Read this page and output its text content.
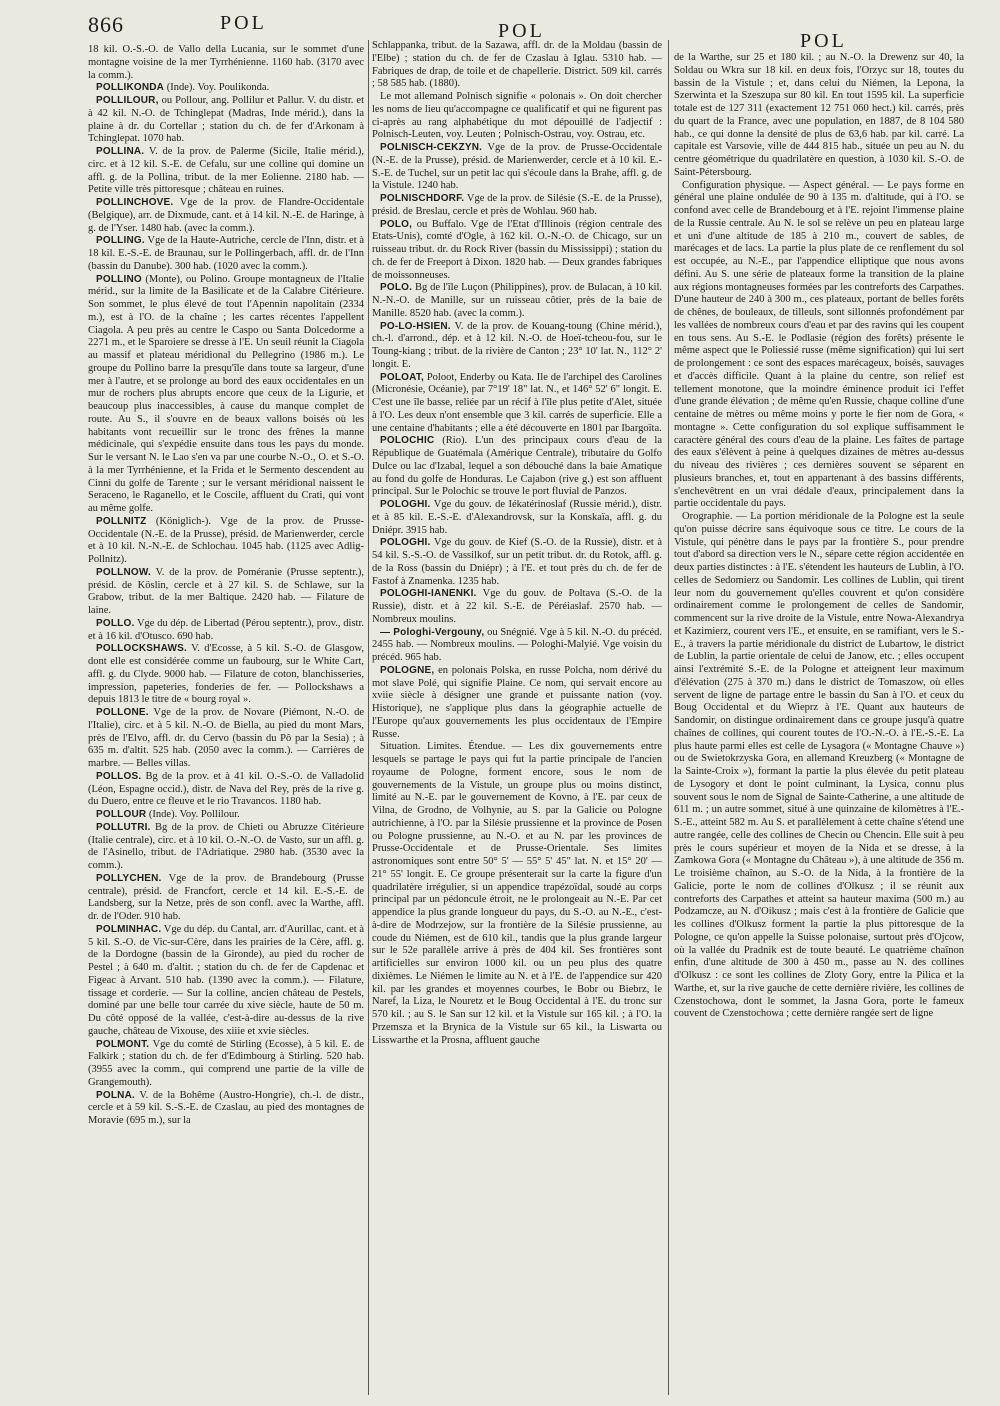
866	POL	POL	POL

18 kil. O.-S.-O. de Vallo della Lucania, sur le sommet d'une montagne voisine de la mer Tyrrhénienne. 1160 hab. (3170 avec la comm.).

POLLIKONDA (Inde). Voy. Poulikonda.

POLLILOUR, ou Pollour, ang. Pollilur et Pallur. V. du distr. et à 42 kil. N.-O. de Tchinglepat (Madras, Inde mérid.), dans la plaine à dr. du Cortellar ; station du ch. de fer d'Arkonam à Tchinglepat. 1070 hab.

POLLINA. V. de la prov. de Palerme (Sicile, Italie mérid.), circ. et à 12 kil. S.-E. de Cefalu, sur une colline qui domine un affl. g. de la Pollina, tribut. de la mer Eolienne. 2180 hab. — Petite ville très pittoresque ; château en ruines.

POLLINCHOVE. Vge de la prov. de Flandre-Occidentale (Belgique), arr. de Dixmude, cant. et à 14 kil. N.-E. de Haringe, à g. de l'Yser. 1480 hab. (avec la comm.).

POLLING. Vge de la Haute-Autriche, cercle de l'Inn, distr. et à 18 kil. E.-S.-E. de Braunau, sur le Pollingerbach, affl. dr. de l'Inn (bassin du Danube). 300 hab. (1020 avec la comm.).

POLLINO (Monte), ou Polino. Groupe montagneux de l'Italie mérid., sur la limite de la Basilicate et de la Calabre Citérieure. Son sommet, le plus élevé de tout l'Apennin napolitain (2334 m.), est à l'O. de la chaîne ; les cartes récentes l'appellent Ciagola. A peu près au centre le Caspo ou Santa Dolcedorme a 2271 m., et le Sparoiere se dresse à l'E. Un seuil réunit la Ciagola au massif et plateau méridional du Pellegrino (1986 m.). Le groupe du Pollino barre la presqu'île dans toute sa largeur, d'une mer à l'autre, et se prolonge au bord des eaux occidentales en un mur de rochers plus abrupts encore que ceux de la Ligurie, et beaucoup plus inaccessibles, à cause du manque complet de route. Au S., il s'ouvre en de beaux vallons boisés où les habitants vont recueillir sur le tronc des frênes la manne médicinale, qui s'expédie ensuite dans tous les pays du monde. Sur le versant N. le Lao s'en va par une courbe N.-O., O. et S.-O. à la mer Tyrrhénienne, et la Frida et le Sermento descendent au Cinni du golfe de Tarente ; sur le versant méridional naissent le Seraceno, le Raganello, et le Coscile, affluent du Crati, qui vont au même golfe.

POLLNITZ (Königlich-). Vge de la prov. de Prusse-Occidentale (N.-E. de la Prusse), présid. de Marienwerder, cercle et à 10 kil. N.-N.-E. de Schlochau. 1045 hab. (1125 avec Adlig-Pollnitz).

POLLNOW. V. de la prov. de Poméranie (Prusse septentr.), présid. de Köslin, cercle et à 27 kil. S. de Schlawe, sur la Grabow, tribut. de la mer Baltique. 2420 hab. — Filature de laine.

POLLO. Vge du dép. de Libertad (Pérou septentr.), prov., distr. et à 16 kil. d'Otusco. 690 hab.

POLLOCKSHAWS. V. d'Ecosse, à 5 kil. S.-O. de Glasgow, dont elle est considérée comme un faubourg, sur le White Cart, affl. g. du Clyde. 9000 hab. — Filature de coton, blanchisseries, impression, papeteries, fonderies de fer. — Pollockshaws a depuis 1813 le titre de « bourg royal ».

POLLONE. Vge de la prov. de Novare (Piémont, N.-O. de l'Italie), circ. et à 5 kil. N.-O. de Biella, au pied du mont Mars, près de l'Elvo, affl. dr. du Cervo (bassin du Pô par la Sesia) ; à 635 m. d'altit. 525 hab. (2050 avec la comm.). — Carrières de marbre. — Belles villas.

POLLOS. Bg de la prov. et à 41 kil. O.-S.-O. de Valladolid (Léon, Espagne occid.), distr. de Nava del Rey, près de la rive g. du Duero, entre ce fleuve et le rio Travancos. 1180 hab.

POLLOUR (Inde). Voy. Pollilour.

POLLUTRI. Bg de la prov. de Chieti ou Abruzze Citérieure (Italie centrale), circ. et à 10 kil. O.-N.-O. de Vasto, sur un affl. g. de l'Asinello, tribut. de l'Adriatique. 2980 hab. (3530 avec la comm.).

POLLYCHEN. Vge de la prov. de Brandebourg (Prusse centrale), présid. de Francfort, cercle et 14 kil. E.-S.-E. de Landsberg, sur la Netze, près de son confl. avec la Warthe, affl. dr. de l'Oder. 910 hab.

POLMINHAC. Vge du dép. du Cantal, arr. d'Aurillac, cant. et à 5 kil. S.-O. de Vic-sur-Cère, dans les prairies de la Cère, affl. g. de la Dordogne (bassin de la Gironde), au pied du rocher de Pestel ; à 640 m. d'altit. ; station du ch. de fer de Capdenac et Figeac à Arvant. 510 hab. (1390 avec la comm.). — Filature, tissage et corderie. — Sur la colline, ancien château de Pestels, dominé par une belle tour carrée du xive siècle, haute de 50 m. Du côté opposé de la vallée, c'est-à-dire au-dessus de la rive gauche, château de Vixouse, des xiiie et xvie siècles.

POLMONT. Vge du comté de Stirling (Ecosse), à 5 kil. E. de Falkirk ; station du ch. de fer d'Edimbourg à Stirling. 520 hab. (3955 avec la comm., qui comprend une partie de la ville de Grangemouth).

POLNA. V. de la Bohême (Austro-Hongrie), ch.-l. de distr., cercle et à 59 kil. S.-S.-E. de Czaslau, au pied des montagnes de Moravie (695 m.), sur la

Schlappanka, tribut. de la Sazawa, affl. dr. de la Moldau (bassin de l'Elbe) ; station du ch. de fer de Czaslau à Iglau. 5310 hab. — Fabriques de drap, de toile et de chapellerie. District. 509 kil. carrés ; 58 585 hab. (1880).

Le mot allemand Polnisch signifie « polonais ». On doit chercher les noms de lieu qu'accompagne ce qualificatif et qui ne figurent pas ci-après au rang alphabétique du mot dépouillé de l'adjectif : Polnisch-Leuten, voy. Leuten ; Polnisch-Ostrau, voy. Ostrau, etc.

POLNISCH-CEKZYN. Vge de la prov. de Prusse-Occidentale (N.-E. de la Prusse), présid. de Marienwerder, cercle et à 10 kil. E.-S.-E. de Tuchel, sur un petit lac qui s'écoule dans la Brahe, affl. g. de la Vistule. 1240 hab.

POLNISCHDORF. Vge de la prov. de Silésie (S.-E. de la Prusse), présid. de Breslau, cercle et près de Wohlau. 960 hab.

POLO, ou Buffalo. Vge de l'Etat d'Illinois (région centrale des Etats-Unis), comté d'Ogle, à 162 kil. O.-N.-O. de Chicago, sur un ruisseau tribut. dr. du Rock River (bassin du Mississippi) ; station du ch. de fer de Freeport à Dixon. 1820 hab. — Deux grandes fabriques de moissonneuses.

POLO. Bg de l'île Luçon (Philippines), prov. de Bulacan, à 10 kil. N.-N.-O. de Manille, sur un ruisseau côtier, près de la baie de Manille. 8520 hab. (avec la comm.).

PO-LO-HSIEN. V. de la prov. de Kouang-toung (Chine mérid.), ch.-l. d'arrond., dép. et à 12 kil. N.-O. de Hoeï-tcheou-fou, sur le Toung-kiang ; tribut. de la rivière de Canton ; 23° 10' lat. N., 112° 2' longit. E.

POLOAT, Poloot, Enderby ou Kata. Ile de l'archipel des Carolines (Micronésie, Océanie), par 7°19' 18" lat. N., et 146° 52' 6" longit. E. C'est une île basse, reliée par un récif à l'île plus petite d'Alet, située à l'O. Les deux n'ont ensemble que 3 kil. carrés de superficie. Elle a une centaine d'habitants ; elle a été découverte en 1801 par Ibargoïta.

POLOCHIC (Rio). L'un des principaux cours d'eau de la République de Guatémala (Amérique Centrale), tributaire du Golfo Dulce ou lac d'Izabal, lequel a son débouché dans la baie Amatique au fond du golfe de Honduras. Le Cajabon (rive g.) est son affluent principal. Sur le Polochic se trouve le port fluvial de Panzos.

POLOGHI. Vge du gouv. de Iékatérinoslaf (Russie mérid.), distr. et à 85 kil. E.-S.-E. d'Alexandrovsk, sur la Konskaïa, affl. g. du Dniépr. 3915 hab.

POLOGHI. Vge du gouv. de Kief (S.-O. de la Russie), distr. et à 54 kil. S.-S.-O. de Vassilkof, sur un petit tribut. dr. du Rotok, affl. g. de la Ross (bassin du Dniépr) ; à l'E. et tout près du ch. de fer de Fastof à Znamenka. 1235 hab.

POLOGHI-IANENKI. Vge du gouv. de Poltava (S.-O. de la Russie), distr. et à 22 kil. S.-E. de Péréiaslaf. 2570 hab. — Nombreux moulins.

— Pologhi-Vergouny, ou Snégnié. Vge à 5 kil. N.-O. du précéd. 2455 hab. — Nombreux moulins. — Pologhi-Malyié. Vge voisin du précéd. 965 hab.

POLOGNE, en polonais Polska, en russe Polcha, nom dérivé du mot slave Polé, qui signifie Plaine. Ce nom, qui servait encore au xviie siècle à désigner une grande et puissante nation (voy. Historique), ne s'applique plus dans la géographie actuelle de l'Europe qu'aux gouvernements les plus occidentaux de l'Empire Russe.

Situation. Limites. Étendue. — Les dix gouvernements entre lesquels se partage le pays qui fut la partie principale de l'ancien royaume de Pologne, forment encore, sous le nom de gouvernements de la Vistule, un groupe plus ou moins distinct, limité au N.-E. par le gouvernement de Kovno, à l'E. par ceux de Vilna, de Grodno, de Volhynie, au S. par la Galicie ou Pologne autrichienne, à l'O. par la Silésie prussienne et la province de Posen ou Pologne prussienne, au N.-O. et au N. par les provinces de Prusse-Occidentale et de Prusse-Orientale. Ses limites astronomiques sont entre 50° 5' — 55° 5' 45" lat. N. et 15° 20' — 21° 55' longit. E. Ce groupe présenterait sur la carte la figure d'un quadrilatère irrégulier, si un appendice trapézoïdal, soudé au corps principal par un pédoncule étroit, ne le prolongeait au N.-E. Par cet appendice la plus grande longueur du pays, du S.-O. au N.-E., c'est-à-dire de Modrzejow, sur la frontière de la Silésie prussienne, au coude du Niémen, est de 610 kil., tandis que la plus grande largeur sur le 52e parallèle arrive à près de 404 kil. Ses frontières sont artificielles sur environ 1000 kil. ou un peu plus des quatre dixièmes. Le Niémen le limite au N. et à l'E. de l'appendice sur 420 kil. par les grandes et moyennes courbes, le Bobr ou Biebrz, le Naref, la Liza, le Nouretz et le Boug Occidental à l'E. du tronc sur 570 kil. ; au S. le San sur 12 kil. et la Vistule sur 165 kil. ; à l'O. la Przemsza et la Brynica de la Vistule sur 65 kil., la Liswarta ou Lisswarthe et la Prosna, affluent gauche

de la Warthe, sur 25 et 180 kil. ; au N.-O. la Drewenz sur 40, la Soldau ou Wkra sur 18 kil. en deux fois, l'Orzyc sur 18, toutes du bassin de la Vistule ; et, dans celui du Niémen, la Lepona, la Szerwinta et la Szeszupa sur 80 kil. En tout 1595 kil. La superficie totale est de 127 311 (exactement 12 751 060 hect.) kil. carrés, près du quart de la France, avec une population, en 1887, de 8 104 580 hab., ce qui donne la densité de plus de 63,6 hab. par kil. carré. La capitale est Varsovie, ville de 444 815 hab., située un peu au N. du centre géométrique du quadrilatère en question, à 1030 kil. S.-O. de Saint-Pétersbourg.

Configuration physique. — Aspect général. — Le pays forme en général une plaine ondulée de 90 à 135 m. d'altitude, qui à l'O. se confond avec celle de Brandebourg et à l'E. rejoint l'immense plaine de la Russie centrale. Au N. le sol se relève un peu en plateau large et uni d'une altitude de 185 à 210 m., couvert de sables, de marécages et de lacs. La partie la plus plate de ce renflement du sol est occupée, au N.-E., par l'appendice elliptique que nous avons défini. Au S. une série de plateaux forme la transition de la plaine aux régions montagneuses formées par les contreforts des Carpathes. D'une hauteur de 240 à 300 m., ces plateaux, portant de belles forêts de chênes, de bouleaux, de tilleuls, sont sillonnés profondément par les vallées de nombreux cours d'eau et par des ravins qui les coupent en tous sens. Au S.-E. le Podlasie (région des forêts) présente le même aspect que le Poliessié russe (même signification) qui lui sert de prolongement : ce sont des espaces marécageux, boisés, sauvages et d'accès difficile. Quant à la plaine du centre, son relief est tellement monotone, que la moindre éminence produit ici l'effet d'une grande élévation ; de même qu'en Russie, chaque colline d'une centaine de mètres ou même moins y porte le fier nom de Gora, « montagne ». Cette configuration du sol explique suffisamment le caractère général des cours d'eau de la plaine. Les faîtes de partage des eaux s'élèvent à peine à quelques dizaines de mètres au-dessus du niveau des rivières ; ces dernières souvent se séparent en plusieurs branches, et, tout en appartenant à des bassins différents, s'enchevêtrent en un vrai dédale d'eaux, principalement dans la partie occidentale du pays.

Orographie. — La portion méridionale de la Pologne est la seule qu'on puisse décrire sans équivoque sous ce titre. Le cours de la Vistule, qui pénètre dans le pays par la frontière S., pour prendre tout d'abord sa direction vers le N., sépare cette région accidentée en deux parties distinctes : à l'E. s'étendent les hauteurs de Lublin, à l'O. celles de Sedomierz ou Sandomir. Les collines de Lublin, qui tirent leur nom du gouvernement qu'elles couvrent et qu'on considère ordinairement comme le prolongement de celles de Sandomir, commencent sur la rive droite de la Vistule, entre Nowa-Alexandrya et Kazimierz, courent vers l'E., et ensuite, en se ramifiant, vers le S.-E., à travers la partie méridionale du district de Lubartow, le district de Lublin, la partie orientale de celui de Janow, etc. ; elles occupent ainsi l'extrémité S.-E. de la Pologne et atteignent leur maximum d'élévation (275 à 370 m.) dans le district de Tomaszow, où elles servent de ligne de partage entre le bassin du San à l'O. et ceux du Boug Occidental et du Wieprz à l'E. Quant aux hauteurs de Sandomir, on distingue ordinairement dans ce groupe jusqu'à quatre chaînes de collines, qui courent toutes de l'O.-N.-O. à l'E.-S.-E. La plus haute parmi elles est celle de Lysagora (« Montagne Chauve ») ou de Swietokrzyska Gora, en allemand Kreuzberg (« Montagne de la Sainte-Croix »), formant la partie la plus élevée du petit plateau de Lysogory et dont le point culminant, la Lysica, connu plus souvent sous le nom de Signal de Sainte-Catherine, a une altitude de 611 m. ; un autre sommet, situé à une quinzaine de kilomètres à l'E.-S.-E., atteint 582 m. Au S. et parallèlement à cette chaîne s'étend une autre rangée, celle des collines de Checin ou Chencin. Elle suit à peu près le cours supérieur et moyen de la Nida et se dresse, à la Zamkowa Gora (« Montagne du Château »), à une altitude de 356 m. Le troisième chaînon, au S.-O. de la Nida, à la frontière de la Galicie, porte le nom de collines d'Olkusz ; il se réunit aux contreforts des Carpathes et atteint sa hauteur maxima (500 m.) au Podzamcze, au N. d'Oikusz ; mais c'est à la frontière de Galicie que les collines d'Olkusz forment la partie la plus pittoresque de la Pologne, ce qu'on appelle la Suisse polonaise, surtout près d'Ojcow, où la vallée du Pradnik est de toute beauté. Le quatrième chaînon enfin, d'une altitude de 300 à 450 m., passe au N. des collines d'Olkusz : ce sont les collines de Zloty Gory, entre la Pilica et la Warthe, et, sur la rive gauche de cette dernière rivière, les collines de Czenstochowa, dont le sommet, la Jasna Gora, porte le fameux couvent de Czenstochowa ; cette dernière rangée sert de ligne
